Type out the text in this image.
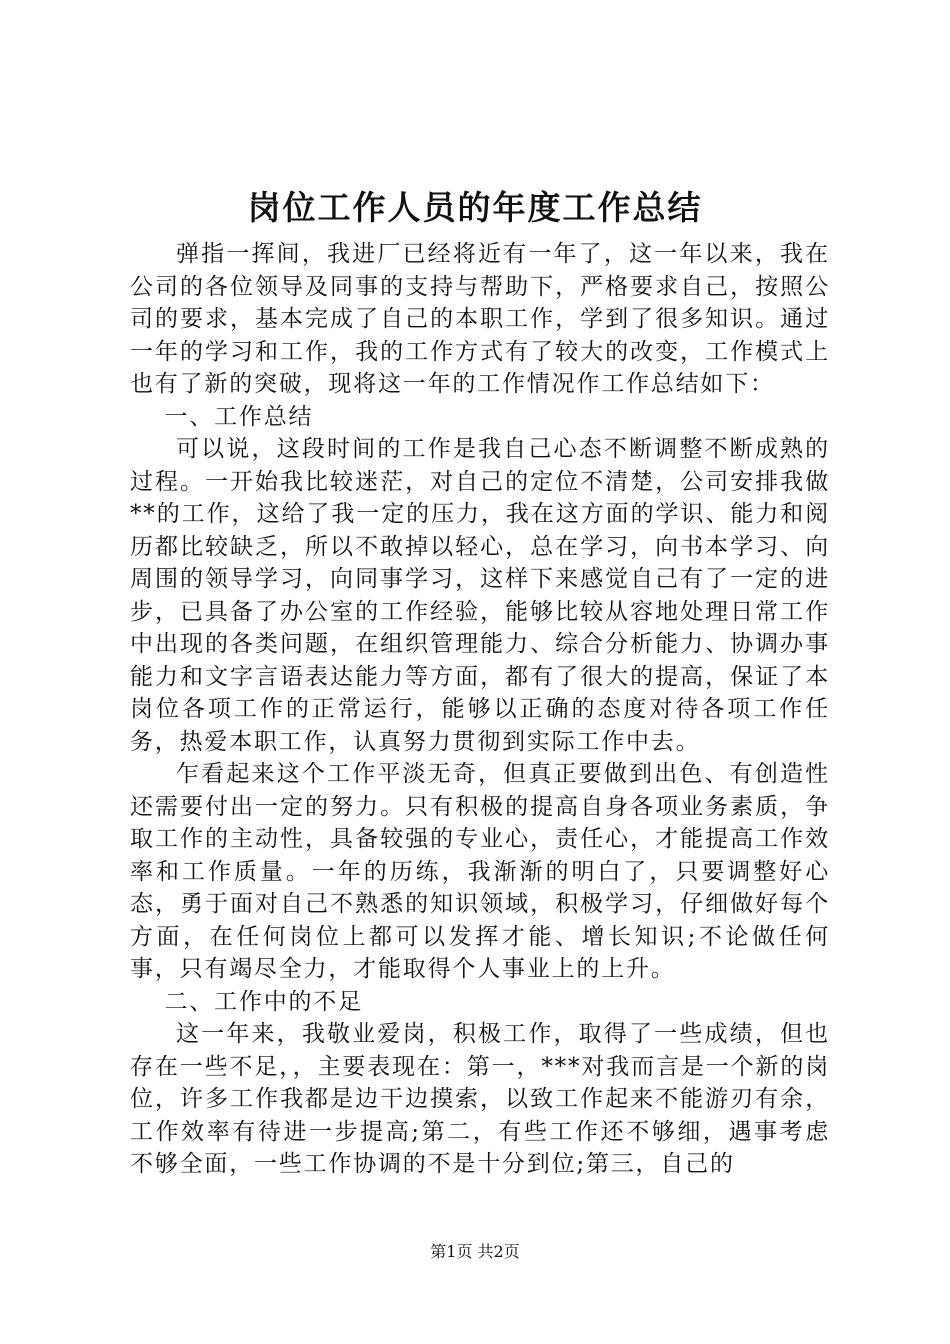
岗位工作人员的年度工作总结

弹指一挥间，我进厂已经将近有一年了，这一年以来，我在公司的各位领导及同事的支持与帮助下，严格要求自己，按照公司的要求，基本完成了自己的本职工作，学到了很多知识。通过一年的学习和工作，我的工作方式有了较大的改变，工作模式上也有了新的突破，现将这一年的工作情况作工作总结如下：

一、工作总结

可以说，这段时间的工作是我自己心态不断调整不断成熟的过程。一开始我比较迷茫，对自己的定位不清楚，公司安排我做**的工作，这给了我一定的压力，我在这方面的学识、能力和阅历都比较缺乏，所以不敢掉以轻心，总在学习，向书本学习、向周围的领导学习，向同事学习，这样下来感觉自己有了一定的进步，已具备了办公室的工作经验，能够比较从容地处理日常工作中出现的各类问题，在组织管理能力、综合分析能力、协调办事能力和文字言语表达能力等方面，都有了很大的提高，保证了本岗位各项工作的正常运行，能够以正确的态度对待各项工作任务，热爱本职工作，认真努力贯彻到实际工作中去。

乍看起来这个工作平淡无奇，但真正要做到出色、有创造性还需要付出一定的努力。只有积极的提高自身各项业务素质，争取工作的主动性，具备较强的专业心，责任心，才能提高工作效率和工作质量。一年的历练，我渐渐的明白了，只要调整好心态，勇于面对自己不熟悉的知识领域，积极学习，仔细做好每个方面，在任何岗位上都可以发挥才能、增长知识;不论做任何事，只有竭尽全力，才能取得个人事业上的上升。

二、工作中的不足

这一年来，我敬业爱岗，积极工作，取得了一些成绩，但也存在一些不足，，主要表现在：第一，***对我而言是一个新的岗位，许多工作我都是边干边摸索，以致工作起来不能游刃有余，工作效率有待进一步提高;第二，有些工作还不够细，遇事考虑不够全面，一些工作协调的不是十分到位;第三，自己的

第1页 共2页
